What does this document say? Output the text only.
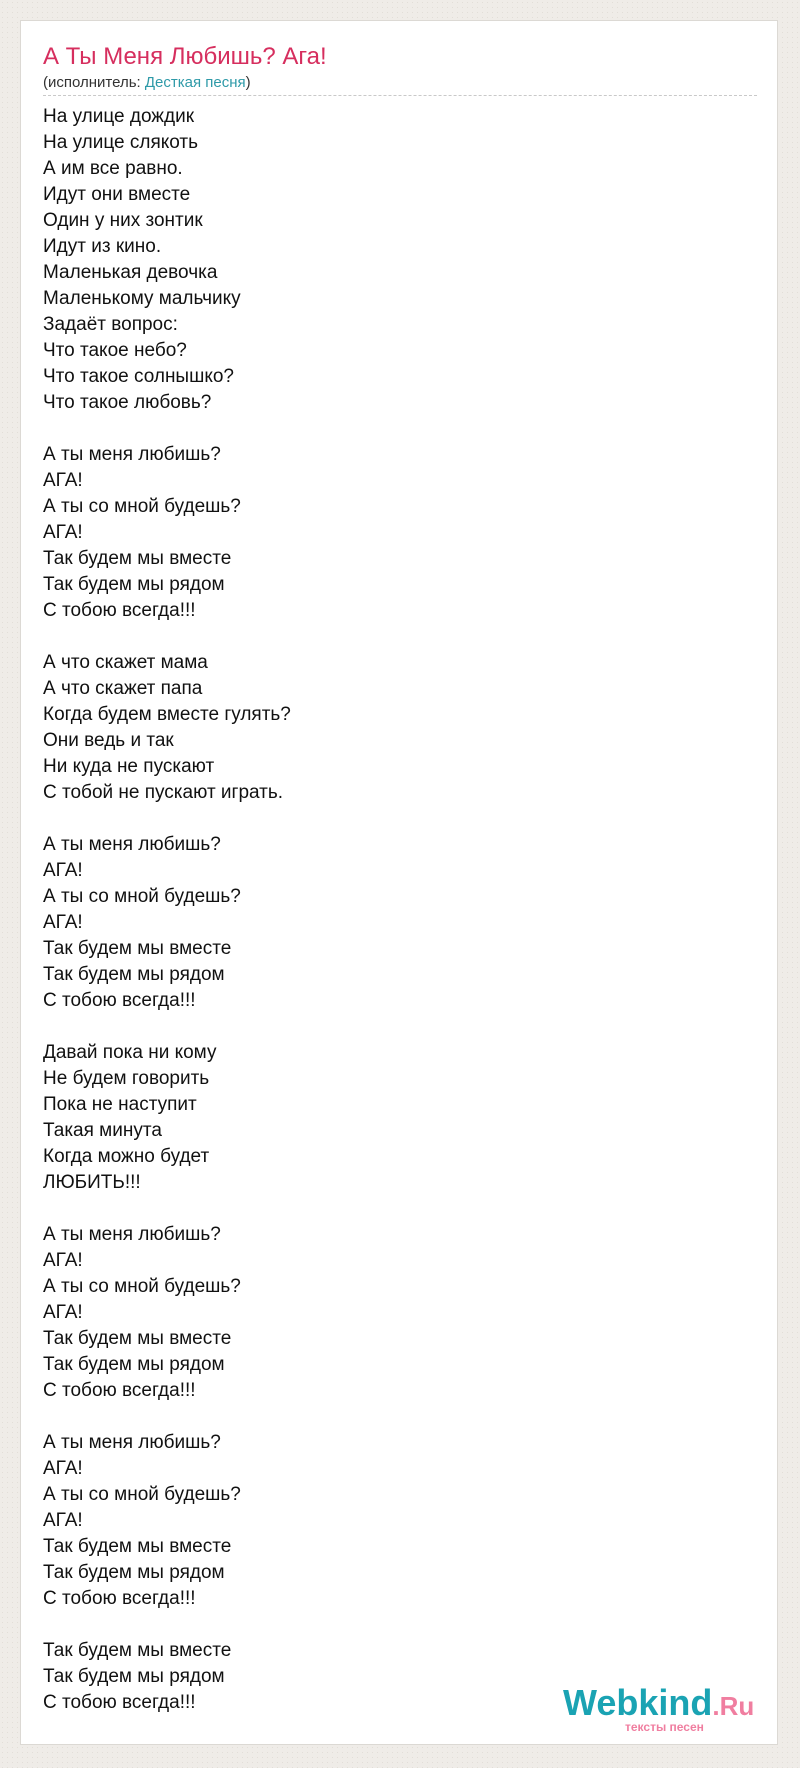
А Ты Меня Любишь? Ага!
(исполнитель: Десткая песня)
На улице дождик
На улице слякоть
А им все равно.
Идут они вместе
Один у них зонтик
Идут из кино.
Маленькая девочка
Маленькому мальчику
Задаёт вопрос:
Что такое небо?
Что такое солнышко?
Что такое любовь?
А ты меня любишь?
АГА!
А ты со мной будешь?
АГА!
Так будем мы вместе
Так будем мы рядом
С тобою всегда!!!
А что скажет мама
А что скажет папа
Когда будем вместе гулять?
Они ведь и так
Ни куда не пускают
С тобой не пускают играть.
А ты меня любишь?
АГА!
А ты со мной будешь?
АГА!
Так будем мы вместе
Так будем мы рядом
С тобою всегда!!!
Давай пока ни кому
Не будем говорить
Пока не наступит
Такая минута
Когда можно будет
ЛЮБИТЬ!!!
А ты меня любишь?
АГА!
А ты со мной будешь?
АГА!
Так будем мы вместе
Так будем мы рядом
С тобою всегда!!!
А ты меня любишь?
АГА!
А ты со мной будешь?
АГА!
Так будем мы вместе
Так будем мы рядом
С тобою всегда!!!
Так будем мы вместе
Так будем мы рядом
С тобою всегда!!!	Webkind.Ru
тексты песен
